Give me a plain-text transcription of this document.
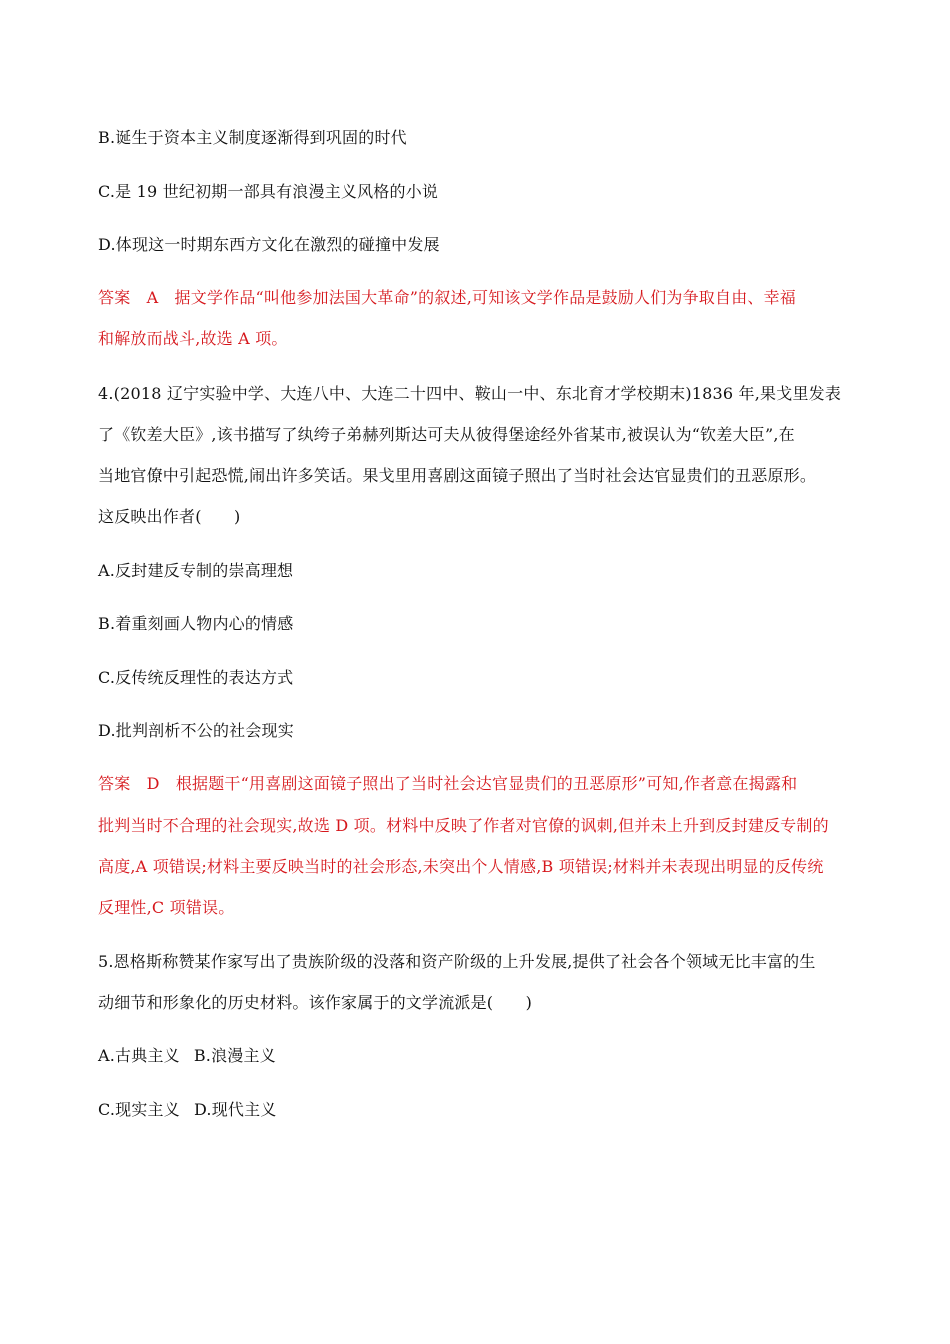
B.诞生于资本主义制度逐渐得到巩固的时代
C.是 19 世纪初期一部具有浪漫主义风格的小说
D.体现这一时期东西方文化在激烈的碰撞中发展
答案　A　据文学作品“叫他参加法国大革命”的叙述,可知该文学作品是鼓励人们为争取自由、幸福
和解放而战斗,故选 A 项。
4.(2018 辽宁实验中学、大连八中、大连二十四中、鞍山一中、东北育才学校期末)1836 年,果戈里发表
了《钦差大臣》,该书描写了纨绔子弟赫列斯达可夫从彼得堡途经外省某市,被误认为“钦差大臣”,在
当地官僚中引起恐慌,闹出许多笑话。果戈里用喜剧这面镜子照出了当时社会达官显贵们的丑恶原形。
这反映出作者(　　)
A.反封建反专制的崇高理想
B.着重刻画人物内心的情感
C.反传统反理性的表达方式
D.批判剖析不公的社会现实
答案　D　根据题干“用喜剧这面镜子照出了当时社会达官显贵们的丑恶原形”可知,作者意在揭露和
批判当时不合理的社会现实,故选 D 项。材料中反映了作者对官僚的讽刺,但并未上升到反封建反专制的
高度,A 项错误;材料主要反映当时的社会形态,未突出个人情感,B 项错误;材料并未表现出明显的反传统
反理性,C 项错误。
5.恩格斯称赞某作家写出了贵族阶级的没落和资产阶级的上升发展,提供了社会各个领域无比丰富的生
动细节和形象化的历史材料。该作家属于的文学流派是(　　)
A.古典主义 B.浪漫主义
C.现实主义 D.现代主义
